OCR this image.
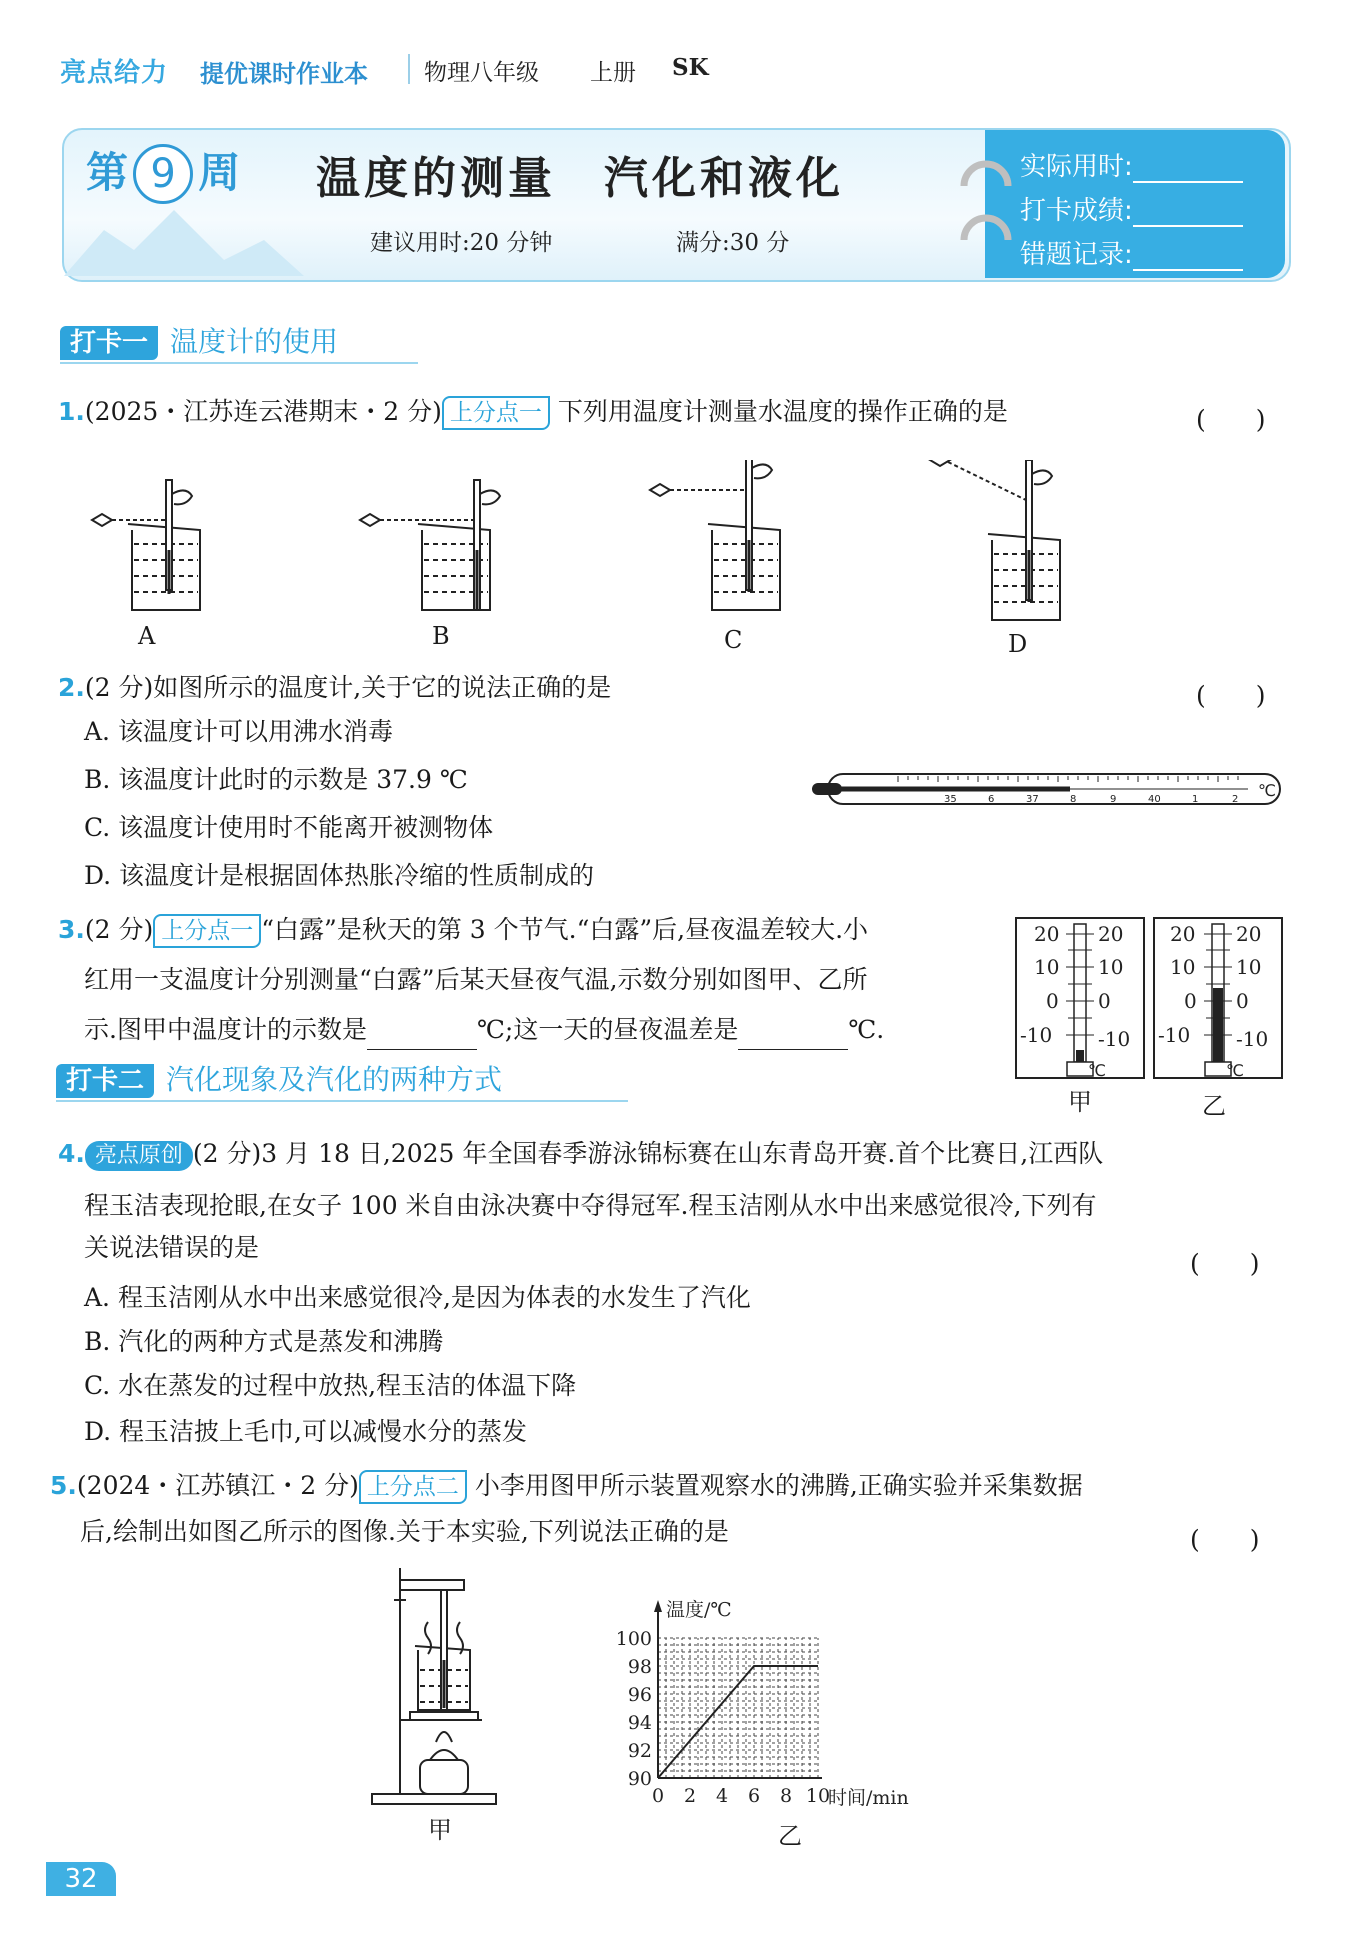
亮点给力 提优课时作业本 物理八年级 上册 SK
第 9 周	温度的测量　汽化和液化
建议用时:20 分钟	满分:30 分
实际用时:
打卡成绩:
错题记录:
打卡一 温度计的使用
1.(2025・江苏连云港期末・2 分) 上分点一 下列用温度计测量水温度的操作正确的是	(　　)
A	B	C	D
2.(2 分)如图所示的温度计,关于它的说法正确的是	(　　)
A. 该温度计可以用沸水消毒
B. 该温度计此时的示数是 37.9 ℃
C. 该温度计使用时不能离开被测物体
D. 该温度计是根据固体热胀冷缩的性质制成的
35	6	37	8	9	40	1	2 ℃
3.(2 分) 上分点一 “白露”是秋天的第 3 个节气.“白露”后,昼夜温差较大.小
红用一支温度计分别测量“白露”后某天昼夜气温,示数分别如图甲、乙所
示.图甲中温度计的示数是	℃;这一天的昼夜温差是	℃.
20 20
10 10
0 0
-10 -10
20 20
10 10
0 0
-10 -10
℃	℃
甲	乙
打卡二 汽化现象及汽化的两种方式
4. 亮点原创 (2 分)3 月 18 日,2025 年全国春季游泳锦标赛在山东青岛开赛.首个比赛日,江西队
程玉洁表现抢眼,在女子 100 米自由泳决赛中夺得冠军.程玉洁刚从水中出来感觉很冷,下列有
关说法错误的是
(　　)
A. 程玉洁刚从水中出来感觉很冷,是因为体表的水发生了汽化
B. 汽化的两种方式是蒸发和沸腾
C. 水在蒸发的过程中放热,程玉洁的体温下降
D. 程玉洁披上毛巾,可以减慢水分的蒸发
5.(2024・江苏镇江・2 分) 上分点二 小李用图甲所示装置观察水的沸腾,正确实验并采集数据
后,绘制出如图乙所示的图像.关于本实验,下列说法正确的是	(　　)
甲
90
92
94
96
98
100
0 2 4 6 8 10
温度/℃
时间/min
乙
32
